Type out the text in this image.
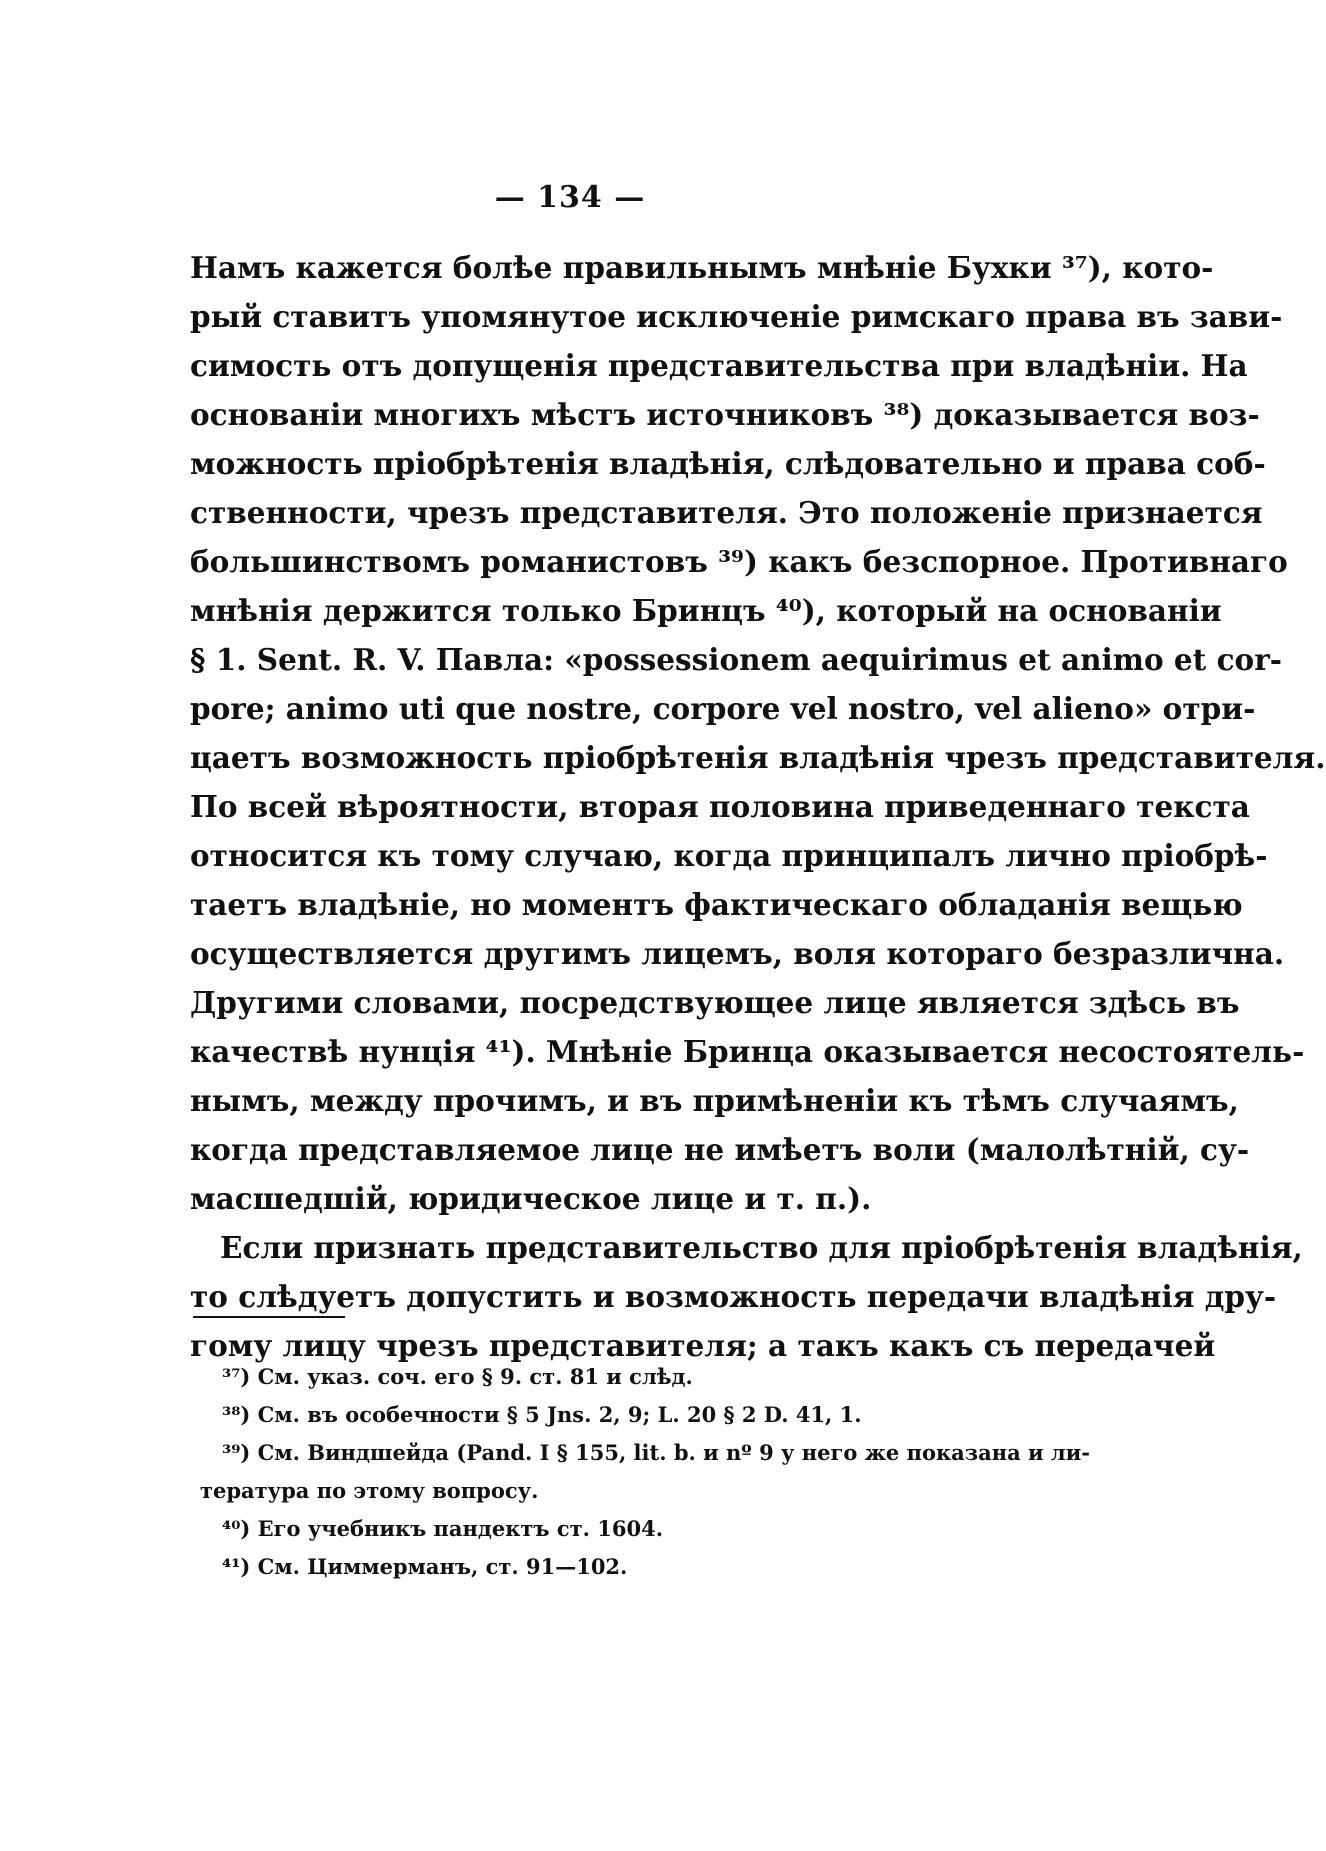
— 134 —
Намъ кажется болѣе правильнымъ мнѣніе Бухки ³⁷), кото-
рый ставитъ упомянутое исключеніе римскаго права въ зави-
симость отъ допущенія представительства при владѣніи. На
основаніи многихъ мѣстъ источниковъ ³⁸) доказывается воз-
можность пріобрѣтенія владѣнія, слѣдовательно и права соб-
ственности, чрезъ представителя. Это положеніе признается
большинствомъ романистовъ ³⁹) какъ безспорное. Противнаго
мнѣнія держится только Бринцъ ⁴⁰), который на основаніи
§ 1. Sent. R. V. Павла: «possessionem aequirimus et animo et cor-
pore; animo uti que nostre, corpore vel nostro, vel alieno» отри-
цаетъ возможность пріобрѣтенія владѣнія чрезъ представителя.
По всей вѣроятности, вторая половина приведеннаго текста
относится къ тому случаю, когда принципалъ лично пріобрѣ-
таетъ владѣніе, но моментъ фактическаго обладанія вещью
осуществляется другимъ лицемъ, воля котораго безразлична.
Другими словами, посредствующее лице является здѣсь въ
качествѣ нунція ⁴¹). Мнѣніе Бринца оказывается несостоятель-
нымъ, между прочимъ, и въ примѣненіи къ тѣмъ случаямъ,
когда представляемое лице не имѣетъ воли (малолѣтній, су-
масшедшій, юридическое лице и т. п.).
Если признать представительство для пріобрѣтенія владѣнія,
то слѣдуетъ допустить и возможность передачи владѣнія дру-
гому лицу чрезъ представителя; а такъ какъ съ передачей
³⁷) См. указ. соч. его § 9. ст. 81 и слѣд.
³⁸) См. въ особечности § 5 Jns. 2, 9; L. 20 § 2 D. 41, 1.
³⁹) См. Виндшейда (Pand. I § 155, lit. b. и nº 9 у него же показана и ли-
тература по этому вопросу.
⁴⁰) Его учебникъ пандектъ ст. 1604.
⁴¹) См. Циммерманъ, ст. 91—102.
